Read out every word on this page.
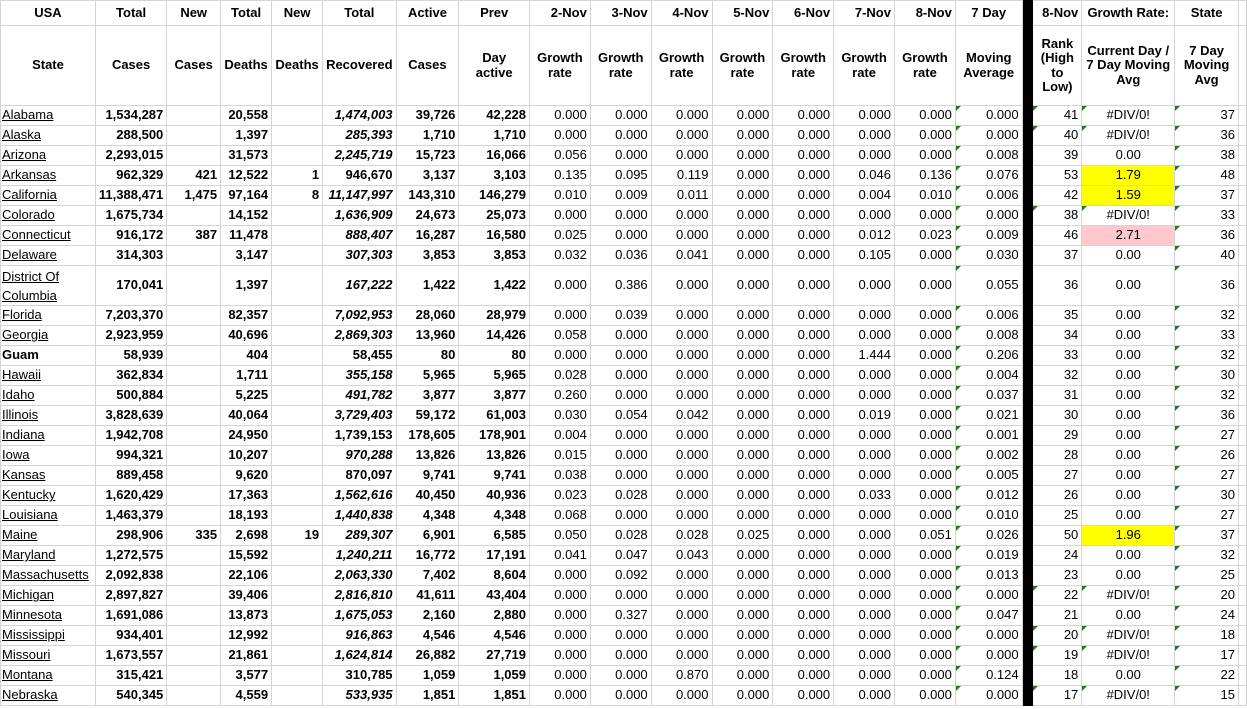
USA	Total	New	Total	New	Total	Active	Prev	2-Nov	3-Nov	4-Nov	5-Nov	6-Nov	7-Nov	8-Nov	7 Day		8-Nov	Growth Rate:	State	
State	Cases	Cases	Deaths	Deaths	Recovered	Cases	Day active	Growth rate	Growth rate	Growth rate	Growth rate	Growth rate	Growth rate	Growth rate	Moving Average		Rank (High to Low)	Current Day / 7 Day Moving Avg	7 Day Moving Avg	
Alabama	1,534,287		20,558		1,474,003	39,726	42,228	0.000	0.000	0.000	0.000	0.000	0.000	0.000	0.000		41	#DIV/0!	37	
Alaska	288,500		1,397		285,393	1,710	1,710	0.000	0.000	0.000	0.000	0.000	0.000	0.000	0.000		40	#DIV/0!	36	
Arizona	2,293,015		31,573		2,245,719	15,723	16,066	0.056	0.000	0.000	0.000	0.000	0.000	0.000	0.008		39	0.00	38	
Arkansas	962,329	421	12,522	1	946,670	3,137	3,103	0.135	0.095	0.119	0.000	0.000	0.046	0.136	0.076		53	1.79	48	
California	11,388,471	1,475	97,164	8	11,147,997	143,310	146,279	0.010	0.009	0.011	0.000	0.000	0.004	0.010	0.006		42	1.59	37	
Colorado	1,675,734		14,152		1,636,909	24,673	25,073	0.000	0.000	0.000	0.000	0.000	0.000	0.000	0.000		38	#DIV/0!	33	
Connecticut	916,172	387	11,478		888,407	16,287	16,580	0.025	0.000	0.000	0.000	0.000	0.012	0.023	0.009		46	2.71	36	
Delaware	314,303		3,147		307,303	3,853	3,853	0.032	0.036	0.041	0.000	0.000	0.105	0.000	0.030		37	0.00	40	
District Of Columbia	170,041		1,397		167,222	1,422	1,422	0.000	0.386	0.000	0.000	0.000	0.000	0.000	0.055		36	0.00	36	
Florida	7,203,370		82,357		7,092,953	28,060	28,979	0.000	0.039	0.000	0.000	0.000	0.000	0.000	0.006		35	0.00	32	
Georgia	2,923,959		40,696		2,869,303	13,960	14,426	0.058	0.000	0.000	0.000	0.000	0.000	0.000	0.008		34	0.00	33	
Guam	58,939		404		58,455	80	80	0.000	0.000	0.000	0.000	0.000	1.444	0.000	0.206		33	0.00	32	
Hawaii	362,834		1,711		355,158	5,965	5,965	0.028	0.000	0.000	0.000	0.000	0.000	0.000	0.004		32	0.00	30	
Idaho	500,884		5,225		491,782	3,877	3,877	0.260	0.000	0.000	0.000	0.000	0.000	0.000	0.037		31	0.00	32	
Illinois	3,828,639		40,064		3,729,403	59,172	61,003	0.030	0.054	0.042	0.000	0.000	0.019	0.000	0.021		30	0.00	36	
Indiana	1,942,708		24,950		1,739,153	178,605	178,901	0.004	0.000	0.000	0.000	0.000	0.000	0.000	0.001		29	0.00	27	
Iowa	994,321		10,207		970,288	13,826	13,826	0.015	0.000	0.000	0.000	0.000	0.000	0.000	0.002		28	0.00	26	
Kansas	889,458		9,620		870,097	9,741	9,741	0.038	0.000	0.000	0.000	0.000	0.000	0.000	0.005		27	0.00	27	
Kentucky	1,620,429		17,363		1,562,616	40,450	40,936	0.023	0.028	0.000	0.000	0.000	0.033	0.000	0.012		26	0.00	30	
Louisiana	1,463,379		18,193		1,440,838	4,348	4,348	0.068	0.000	0.000	0.000	0.000	0.000	0.000	0.010		25	0.00	27	
Maine	298,906	335	2,698	19	289,307	6,901	6,585	0.050	0.028	0.028	0.025	0.000	0.000	0.051	0.026		50	1.96	37	
Maryland	1,272,575		15,592		1,240,211	16,772	17,191	0.041	0.047	0.043	0.000	0.000	0.000	0.000	0.019		24	0.00	32	
Massachusetts	2,092,838		22,106		2,063,330	7,402	8,604	0.000	0.092	0.000	0.000	0.000	0.000	0.000	0.013		23	0.00	25	
Michigan	2,897,827		39,406		2,816,810	41,611	43,404	0.000	0.000	0.000	0.000	0.000	0.000	0.000	0.000		22	#DIV/0!	20	
Minnesota	1,691,086		13,873		1,675,053	2,160	2,880	0.000	0.327	0.000	0.000	0.000	0.000	0.000	0.047		21	0.00	24	
Mississippi	934,401		12,992		916,863	4,546	4,546	0.000	0.000	0.000	0.000	0.000	0.000	0.000	0.000		20	#DIV/0!	18	
Missouri	1,673,557		21,861		1,624,814	26,882	27,719	0.000	0.000	0.000	0.000	0.000	0.000	0.000	0.000		19	#DIV/0!	17	
Montana	315,421		3,577		310,785	1,059	1,059	0.000	0.000	0.870	0.000	0.000	0.000	0.000	0.124		18	0.00	22	
Nebraska	540,345		4,559		533,935	1,851	1,851	0.000	0.000	0.000	0.000	0.000	0.000	0.000	0.000		17	#DIV/0!	15	
